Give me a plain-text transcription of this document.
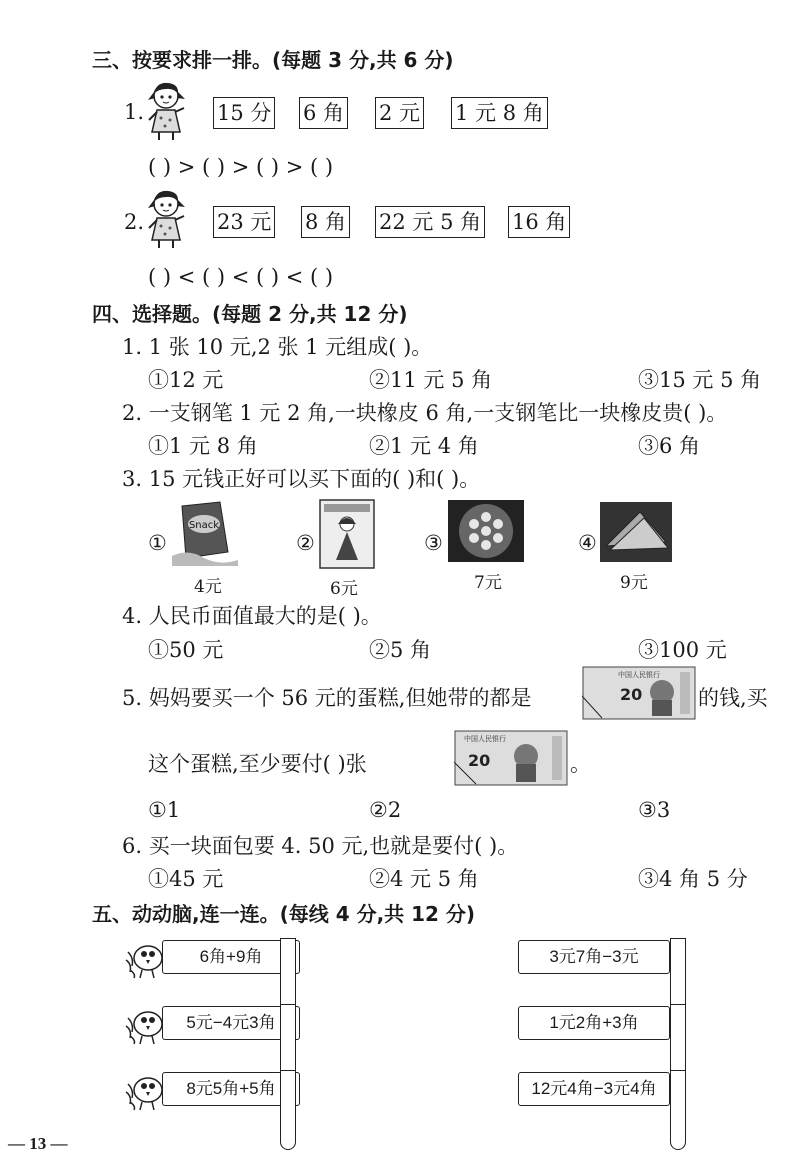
三、按要求排一排。(每题 3 分,共 6 分)
1.	15 分 6 角 2 元 1 元 8 角
( ) > ( ) > ( ) > ( )
2.	23 元 8 角 22 元 5 角 16 角
( ) < ( ) < ( ) < ( )
四、选择题。(每题 2 分,共 12 分)
1. 1 张 10 元,2 张 1 元组成( )。
①12 元	②11 元 5 角	③15 元 5 角
2. 一支钢笔 1 元 2 角,一块橡皮 6 角,一支钢笔比一块橡皮贵( )。
①1 元 8 角	②1 元 4 角	③6 角
3. 15 元钱正好可以买下面的( )和( )。
①
Snack
4元
②
6元
③
7元
④
9元
4. 人民币面值最大的是( )。
①50 元	②5 角	③100 元
5. 妈妈要买一个 56 元的蛋糕,但她带的都是
中国人民银行
20	的钱,买
这个蛋糕,至少要付( )张
中国人民银行
20	。
①1	②2	③3
6. 买一块面包要 4. 50 元,也就是要付( )。
①45 元	②4 元 5 角	③4 角 5 分
五、动动脑,连一连。(每线 4 分,共 12 分)
6角+9角
5元−4元3角
8元5角+5角
3元7角−3元
1元2角+3角
12元4角−3元4角
— 13 —
